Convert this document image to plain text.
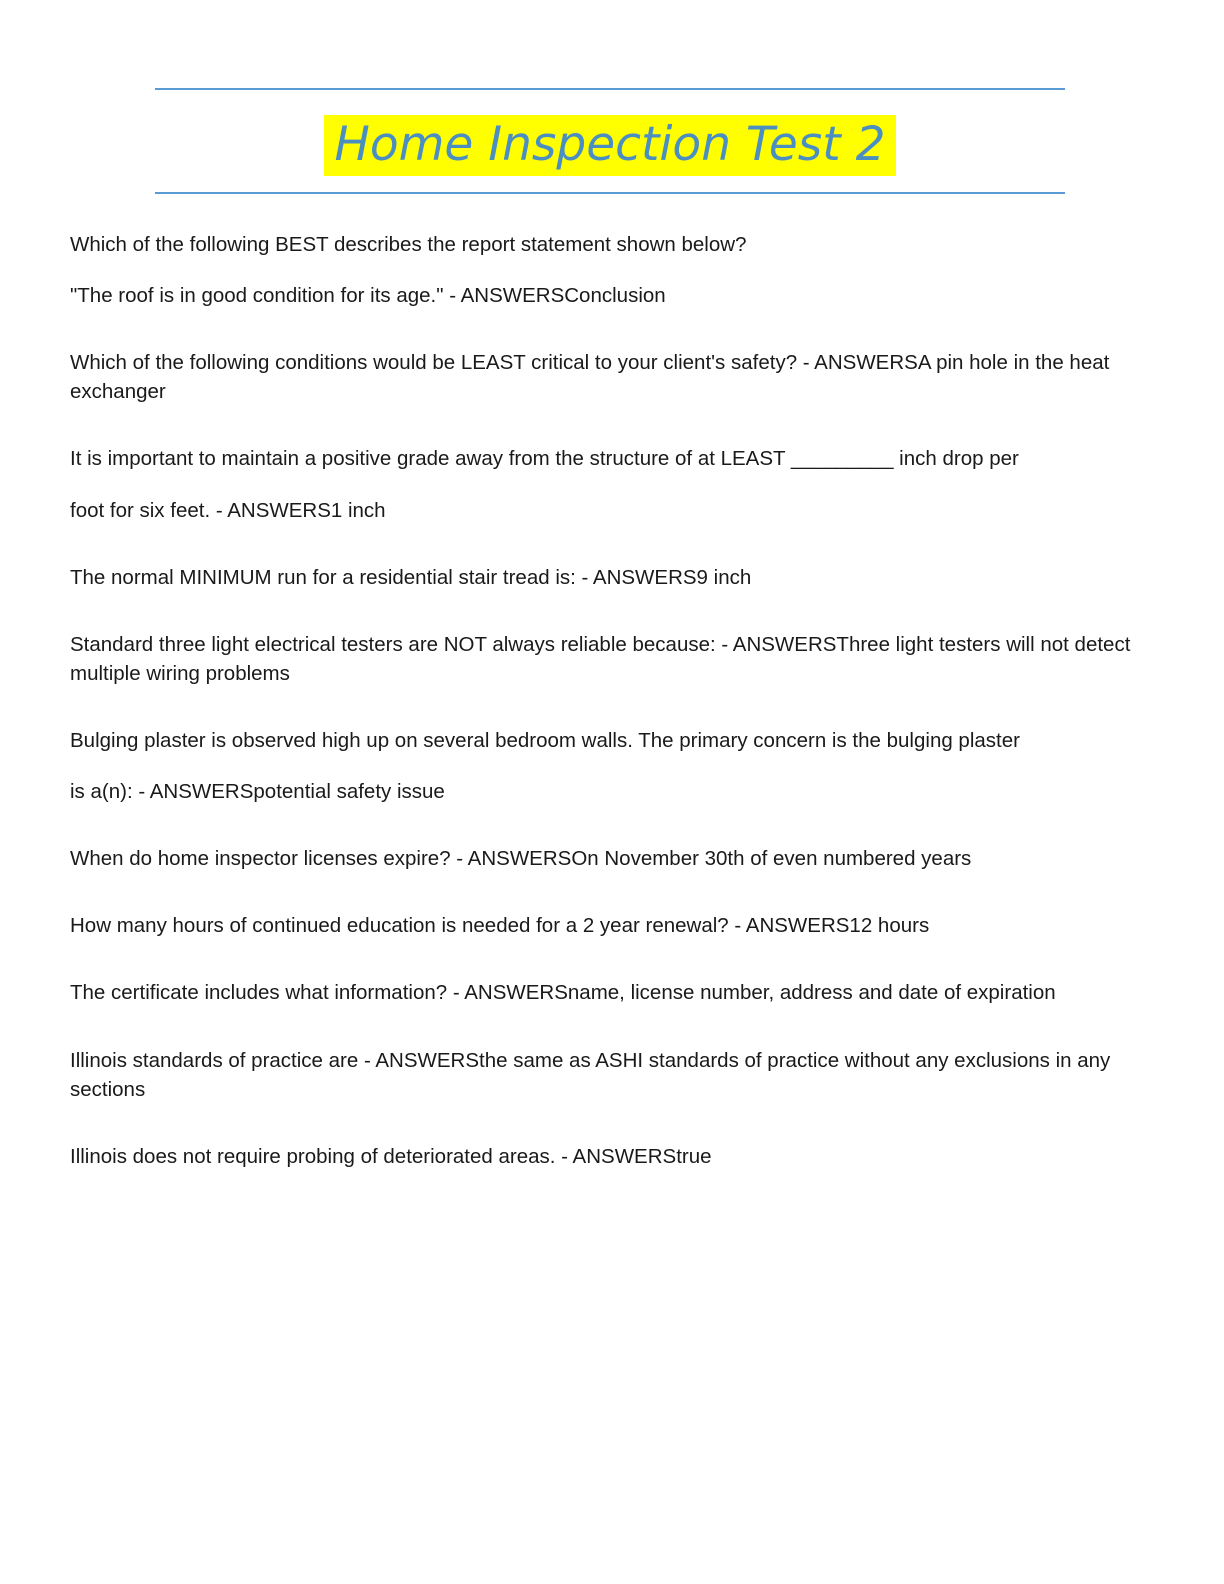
Home Inspection Test 2

Which of the following BEST describes the report statement shown below?

"The roof is in good condition for its age." - ANSWERSConclusion

Which of the following conditions would be LEAST critical to your client's safety? - ANSWERSA pin hole in the heat exchanger

It is important to maintain a positive grade away from the structure of at LEAST _________ inch drop per

foot for six feet. - ANSWERS1 inch

The normal MINIMUM run for a residential stair tread is: - ANSWERS9 inch

Standard three light electrical testers are NOT always reliable because: - ANSWERSThree light testers will not detect multiple wiring problems

Bulging plaster is observed high up on several bedroom walls. The primary concern is the bulging plaster

is a(n): - ANSWERSpotential safety issue

When do home inspector licenses expire? - ANSWERSOn November 30th of even numbered years

How many hours of continued education is needed for a 2 year renewal? - ANSWERS12 hours

The certificate includes what information? - ANSWERSname, license number, address and date of expiration

Illinois standards of practice are - ANSWERSthe same as ASHI standards of practice without any exclusions in any sections

Illinois does not require probing of deteriorated areas. - ANSWERStrue
